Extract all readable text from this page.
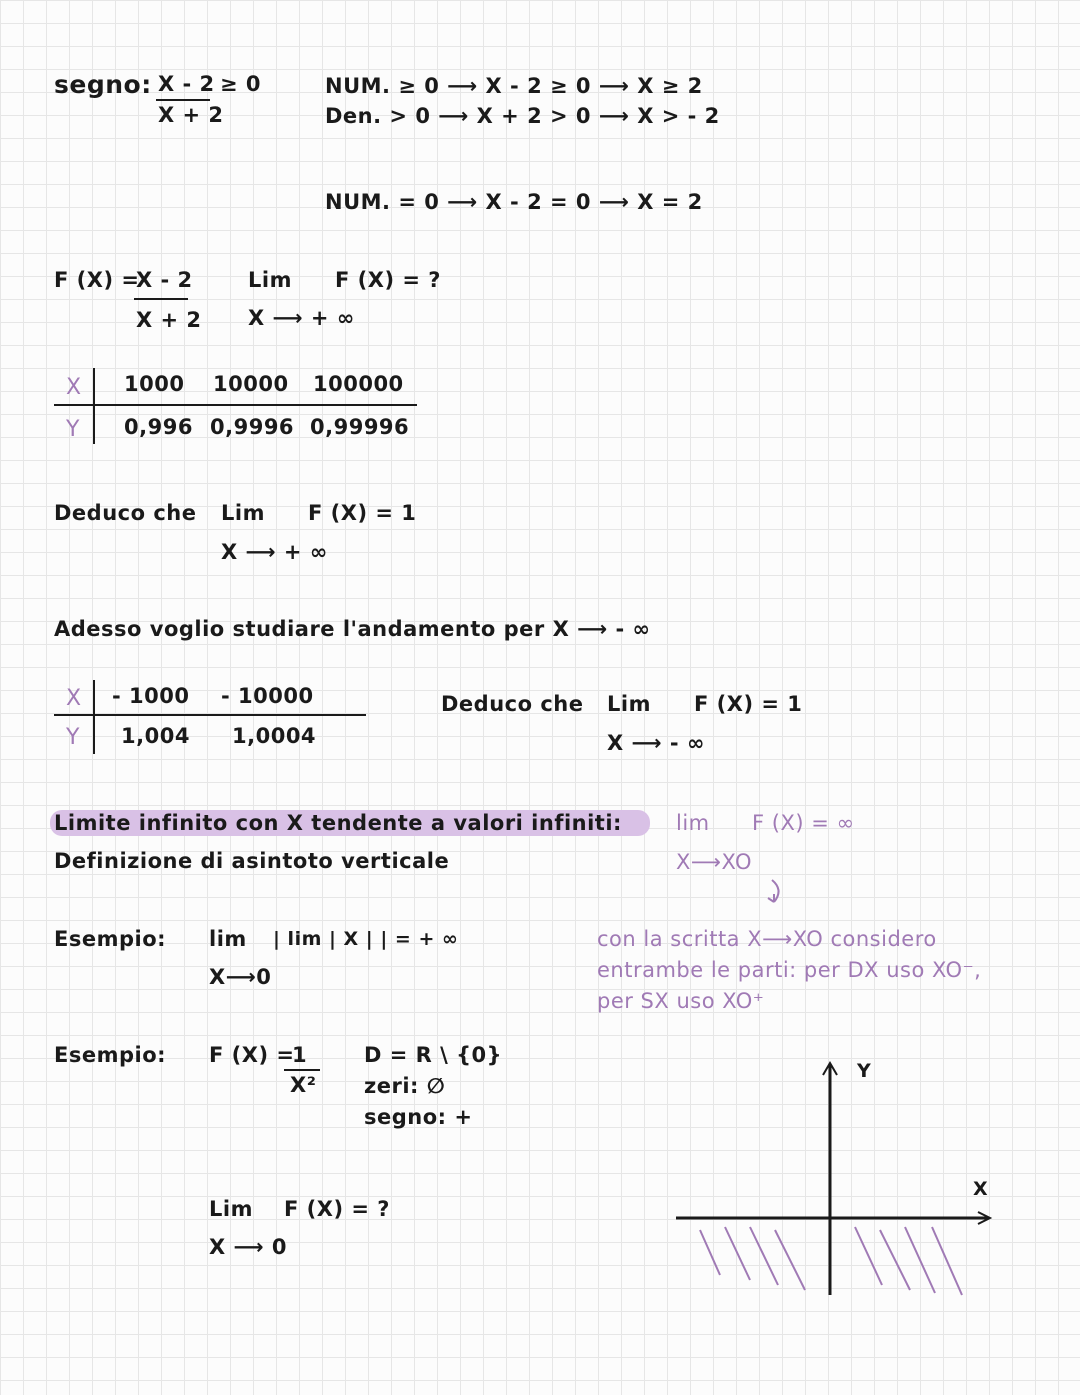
segno: X - 2
X + 2
≥ 0	NUM. ≥ 0 ⟶ X - 2 ≥ 0 ⟶ X ≥ 2
Den. > 0 ⟶ X + 2 > 0 ⟶ X > - 2
NUM. = 0 ⟶ X - 2 = 0 ⟶ X = 2
F (X) =
X - 2
X + 2
Lim F (X) = ?
X ⟶ + ∞
X
Y
1000 10000 100000
0,996 0,9996 0,99996
Deduco che Lim F (X) = 1
X ⟶ + ∞
Adesso voglio studiare l'andamento per X ⟶ - ∞
X
Y
- 1000 - 10000
1,004 1,0004
Deduco che Lim F (X) = 1
X ⟶ - ∞
Limite infinito con X tendente a valori infiniti:
Definizione di asintoto verticale
lim F (X) = ∞
X⟶XO
con la scritta X⟶XO considero
entrambe le parti: per DX uso XO⁻,
per SX uso XO⁺
Esempio: lim | lim | X | | = + ∞
X⟶0
Esempio: F (X) =
1
X²
D = R \ {0}
zeri: ∅
segno: +
Lim F (X) = ?
X ⟶ 0
Y
X
